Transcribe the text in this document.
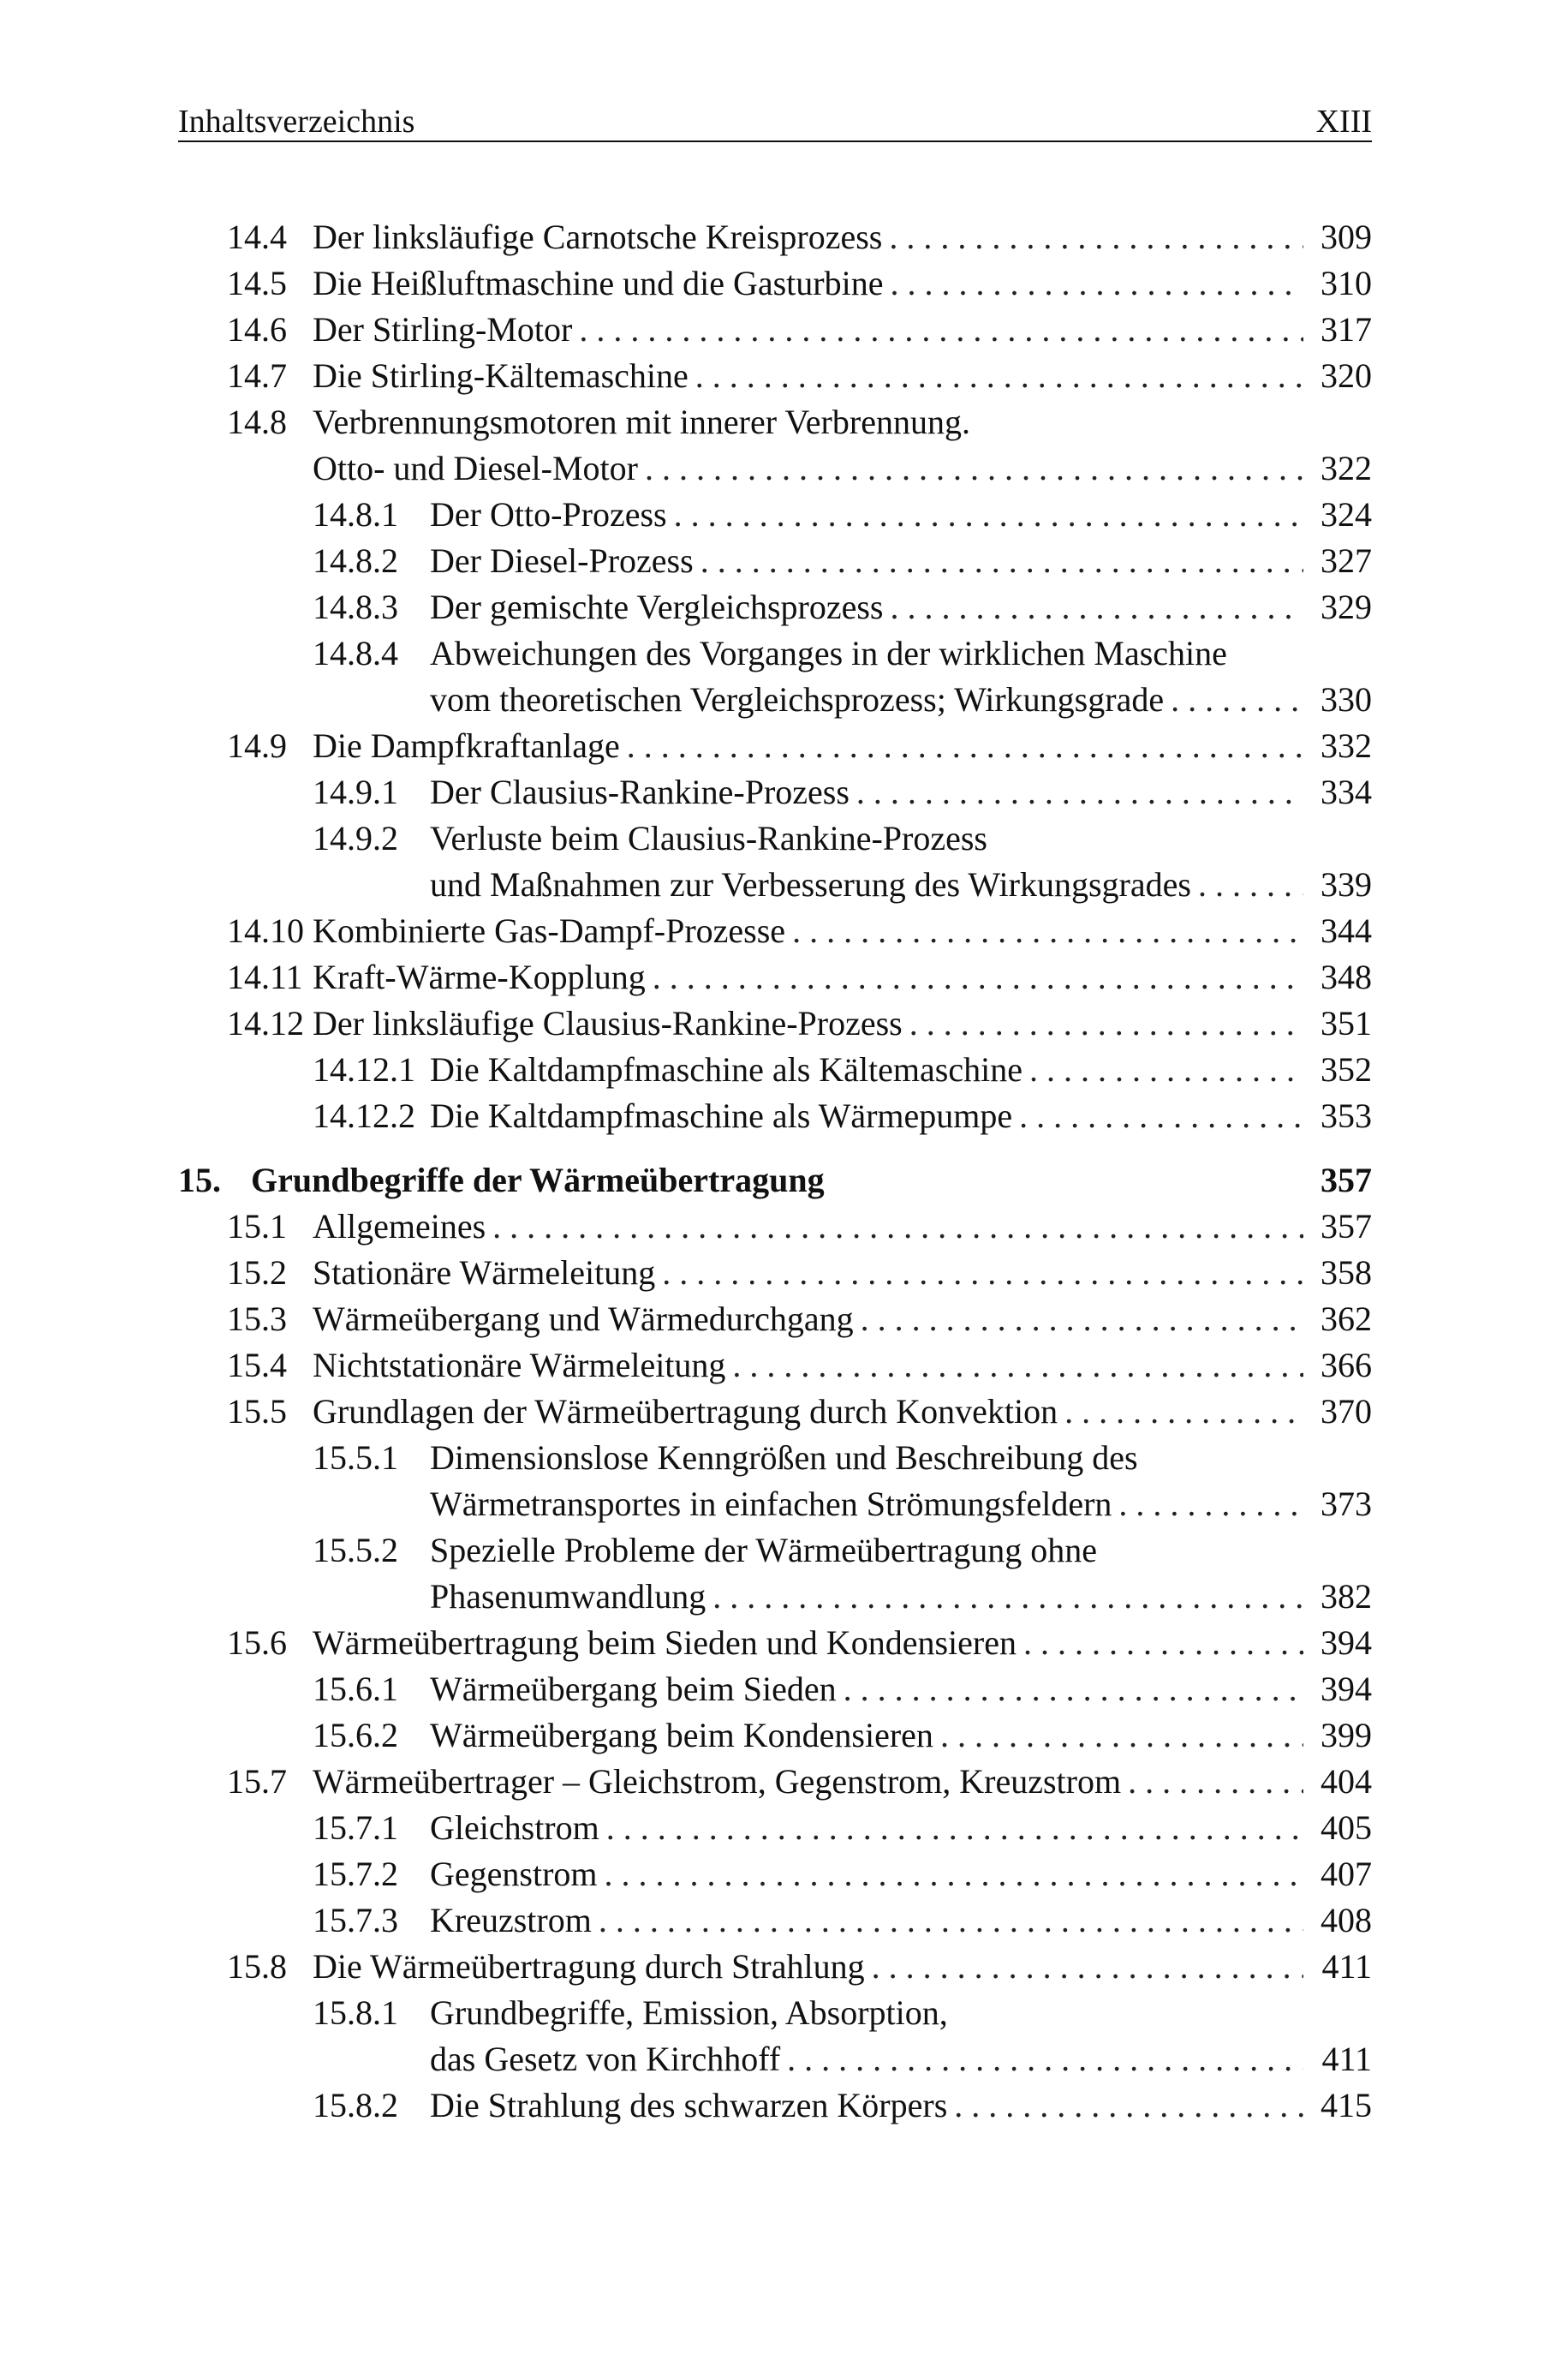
Inhaltsverzeichnis	XIII
14.4 Der linksläufige Carnotsche Kreisprozess . . .	309
14.5 Die Heißluftmaschine und die Gasturbine . . .	310
14.6 Der Stirling-Motor . . .	317
14.7 Die Stirling-Kältemaschine . . .	320
14.8 Verbrennungsmotoren mit innerer Verbrennung.
Otto- und Diesel-Motor . . .	322
14.8.1 Der Otto-Prozess . . .	324
14.8.2 Der Diesel-Prozess . . .	327
14.8.3 Der gemischte Vergleichsprozess . . .	329
14.8.4 Abweichungen des Vorganges in der wirklichen Maschine
vom theoretischen Vergleichsprozess; Wirkungsgrade . . .	330
14.9 Die Dampfkraftanlage . . .	332
14.9.1 Der Clausius-Rankine-Prozess . . .	334
14.9.2 Verluste beim Clausius-Rankine-Prozess
und Maßnahmen zur Verbesserung des Wirkungsgrades . . .	339
14.10 Kombinierte Gas-Dampf-Prozesse . . .	344
14.11 Kraft-Wärme-Kopplung . . .	348
14.12 Der linksläufige Clausius-Rankine-Prozess . . .	351
14.12.1 Die Kaltdampfmaschine als Kältemaschine . . .	352
14.12.2 Die Kaltdampfmaschine als Wärmepumpe . . .	353
15. Grundbegriffe der Wärmeübertragung	357
15.1 Allgemeines . . .	357
15.2 Stationäre Wärmeleitung . . .	358
15.3 Wärmeübergang und Wärmedurchgang . . .	362
15.4 Nichtstationäre Wärmeleitung . . .	366
15.5 Grundlagen der Wärmeübertragung durch Konvektion . . .	370
15.5.1 Dimensionslose Kenngrößen und Beschreibung des
Wärmetransportes in einfachen Strömungsfeldern . . .	373
15.5.2 Spezielle Probleme der Wärmeübertragung ohne
Phasenumwandlung . . .	382
15.6 Wärmeübertragung beim Sieden und Kondensieren . . .	394
15.6.1 Wärmeübergang beim Sieden . . .	394
15.6.2 Wärmeübergang beim Kondensieren . . .	399
15.7 Wärmeübertrager – Gleichstrom, Gegenstrom, Kreuzstrom . . .	404
15.7.1 Gleichstrom . . .	405
15.7.2 Gegenstrom . . .	407
15.7.3 Kreuzstrom . . .	408
15.8 Die Wärmeübertragung durch Strahlung . . .	411
15.8.1 Grundbegriffe, Emission, Absorption,
das Gesetz von Kirchhoff . . .	411
15.8.2 Die Strahlung des schwarzen Körpers . . .	415
